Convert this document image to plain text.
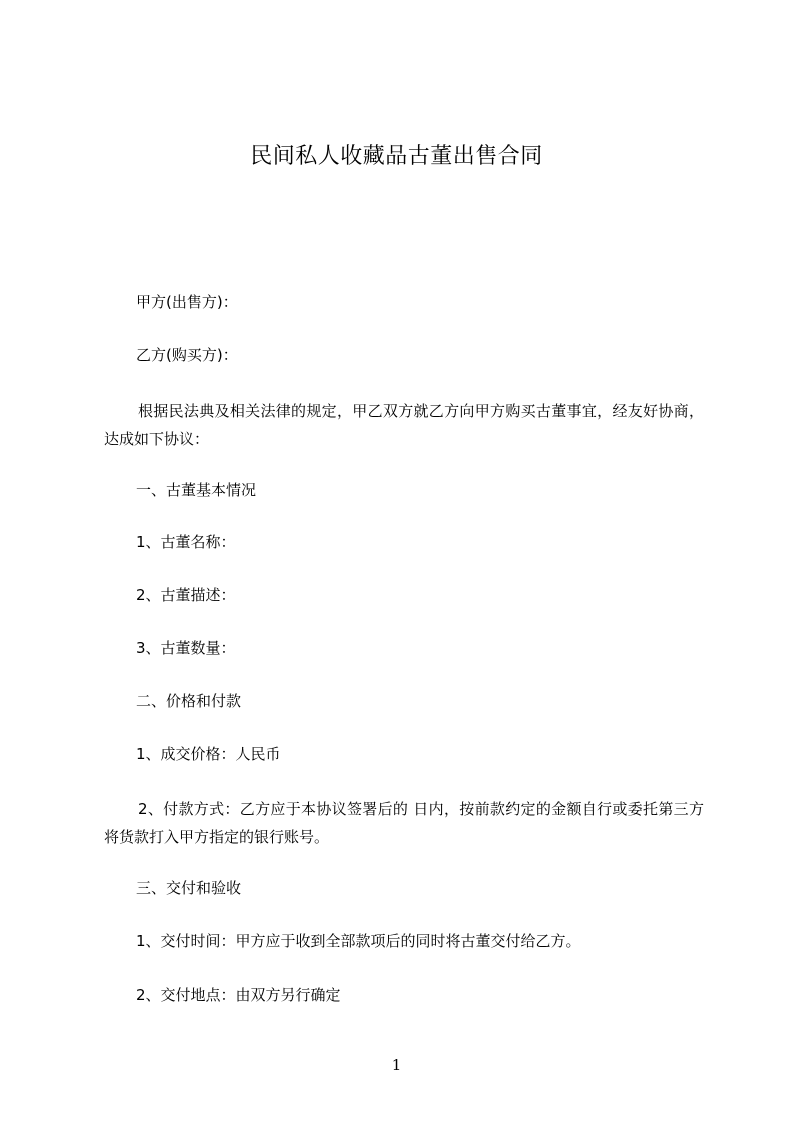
民间私人收藏品古董出售合同
甲方(出售方)：
乙方(购买方)：
根据民法典及相关法律的规定，甲乙双方就乙方向甲方购买古董事宜，经友好协商，达成如下协议：
一、古董基本情况
1、古董名称：
2、古董描述：
3、古董数量：
二、价格和付款
1、成交价格：人民币
2、付款方式：乙方应于本协议签署后的 日内，按前款约定的金额自行或委托第三方将货款打入甲方指定的银行账号。
三、交付和验收
1、交付时间：甲方应于收到全部款项后的同时将古董交付给乙方。
2、交付地点：由双方另行确定
1
